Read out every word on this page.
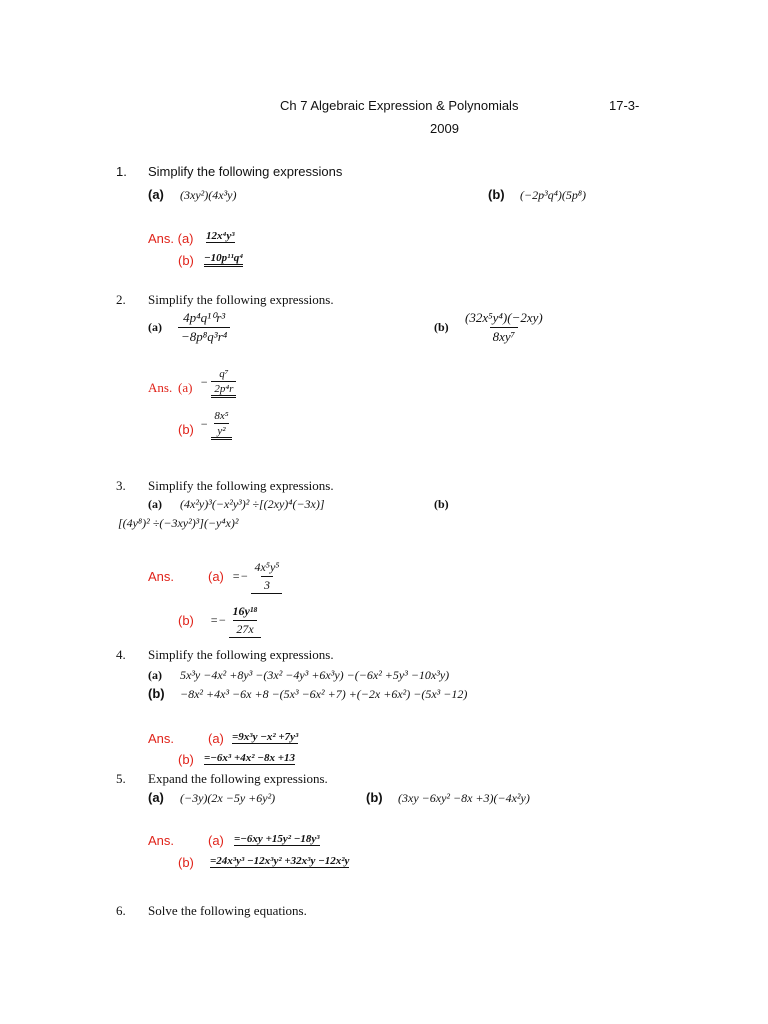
Ch 7 Algebraic Expression & Polynomials	17-3-
2009
1. Simplify the following expressions
(a) (3xy²)(4x³y)	(b) (−2p³q⁴)(5p⁸)
Ans. (a) 12x⁴y³
(b) −10p¹¹q⁴
2. Simplify the following expressions.
$(a) \frac{\text{4p⁴q¹⁰r³}}{\text{−8p⁸q³r⁴}}$	$(b) \frac{\text{(32x⁵y⁴)(−2xy)}}{\text{8xy⁷}}$
Ans. $(a) - \frac{\text{q⁷}}{\text{2p⁴r}}$
$(b) - \frac{\text{8x⁵}}{\text{y²}}$
3. Simplify the following expressions.
(a) (4x²y)³(−x²y³)² ÷[(2xy)⁴(−3x)]	(b)
[(4y⁸)² ÷(−3xy²)³](−y⁴x)²
Ans.	$(a) =- \frac{\text{4x⁵y⁵}}{3}$
$(b) =- \frac{\text{16y¹⁸}}{27x}$
4. Simplify the following expressions.
(a) 5x³y −4x² +8y³ −(3x² −4y³ +6x³y) −(−6x² +5y³ −10x³y)
(b) −8x² +4x³ −6x +8 −(5x³ −6x² +7) +(−2x +6x²) −(5x³ −12)
Ans.	(a) =9x³y −x² +7y³
(b) =−6x³ +4x² −8x +13
5. Expand the following expressions.
(a) (−3y)(2x −5y +6y²)	(b) (3xy −6xy² −8x +3)(−4x²y)
Ans.	(a) =−6xy +15y² −18y³
(b) =24x³y³ −12x³y² +32x³y −12x²y
6. Solve the following equations.
